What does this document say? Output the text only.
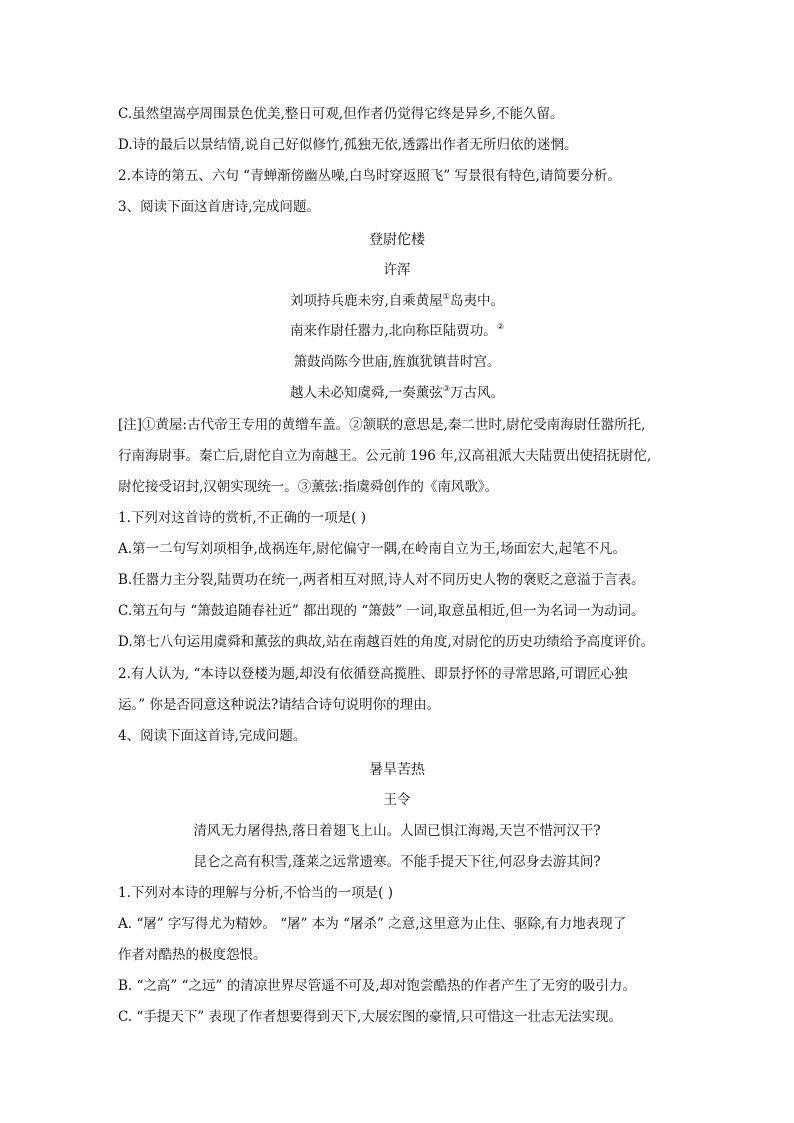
C.虽然望嵩亭周围景色优美,整日可观,但作者仍觉得它终是异乡,不能久留。
D.诗的最后以景结情,说自己好似修竹,孤独无依,透露出作者无所归依的迷惘。
2.本诗的第五、六句 “青蝉渐傍幽丛噪,白鸟时穿返照飞” 写景很有特色,请简要分析。
3、阅读下面这首唐诗,完成问题。
登尉佗楼
许浑
刘项持兵鹿未穷,自乘黄屋①岛夷中。
南来作尉任嚣力,北向称臣陆贾功。②
箫鼓尚陈今世庙,旌旗犹镇昔时宫。
越人未必知虞舜,一奏薰弦③万古风。
[注]①黄屋:古代帝王专用的黄缯车盖。②颔联的意思是,秦二世时,尉佗受南海尉任嚣所托,
行南海尉事。秦亡后,尉佗自立为南越王。公元前 196 年,汉高祖派大夫陆贾出使招抚尉佗,
尉佗接受诏封,汉朝实现统一。③薰弦:指虞舜创作的《南风歌》。
1.下列对这首诗的赏析,不正确的一项是( )
A.第一二句写刘项相争,战祸连年,尉佗偏守一隅,在岭南自立为王,场面宏大,起笔不凡。
B.任嚣力主分裂,陆贾功在统一,两者相互对照,诗人对不同历史人物的褒贬之意溢于言表。
C.第五句与 “箫鼓追随春社近” 都出现的 “箫鼓” 一词,取意虽相近,但一为名词一为动词。
D.第七八句运用虞舜和薰弦的典故,站在南越百姓的角度,对尉佗的历史功绩给予高度评价。
2.有人认为, “本诗以登楼为题,却没有依循登高揽胜、即景抒怀的寻常思路,可谓匠心独
运。” 你是否同意这种说法?请结合诗句说明你的理由。
4、阅读下面这首诗,完成问题。
暑旱苦热
王令
清风无力屠得热,落日着翅飞上山。人固已惧江海竭,天岂不惜河汉干?
昆仑之高有积雪,蓬莱之远常遗寒。不能手提天下往,何忍身去游其间?
1.下列对本诗的理解与分析,不恰当的一项是( )
A. “屠” 字写得尤为精妙。 “屠” 本为 “屠杀” 之意,这里意为止住、驱除,有力地表现了
作者对酷热的极度怨恨。
B. “之高” “之远” 的清凉世界尽管遥不可及,却对饱尝酷热的作者产生了无穷的吸引力。
C. “手提天下” 表现了作者想要得到天下,大展宏图的豪情,只可惜这一壮志无法实现。
